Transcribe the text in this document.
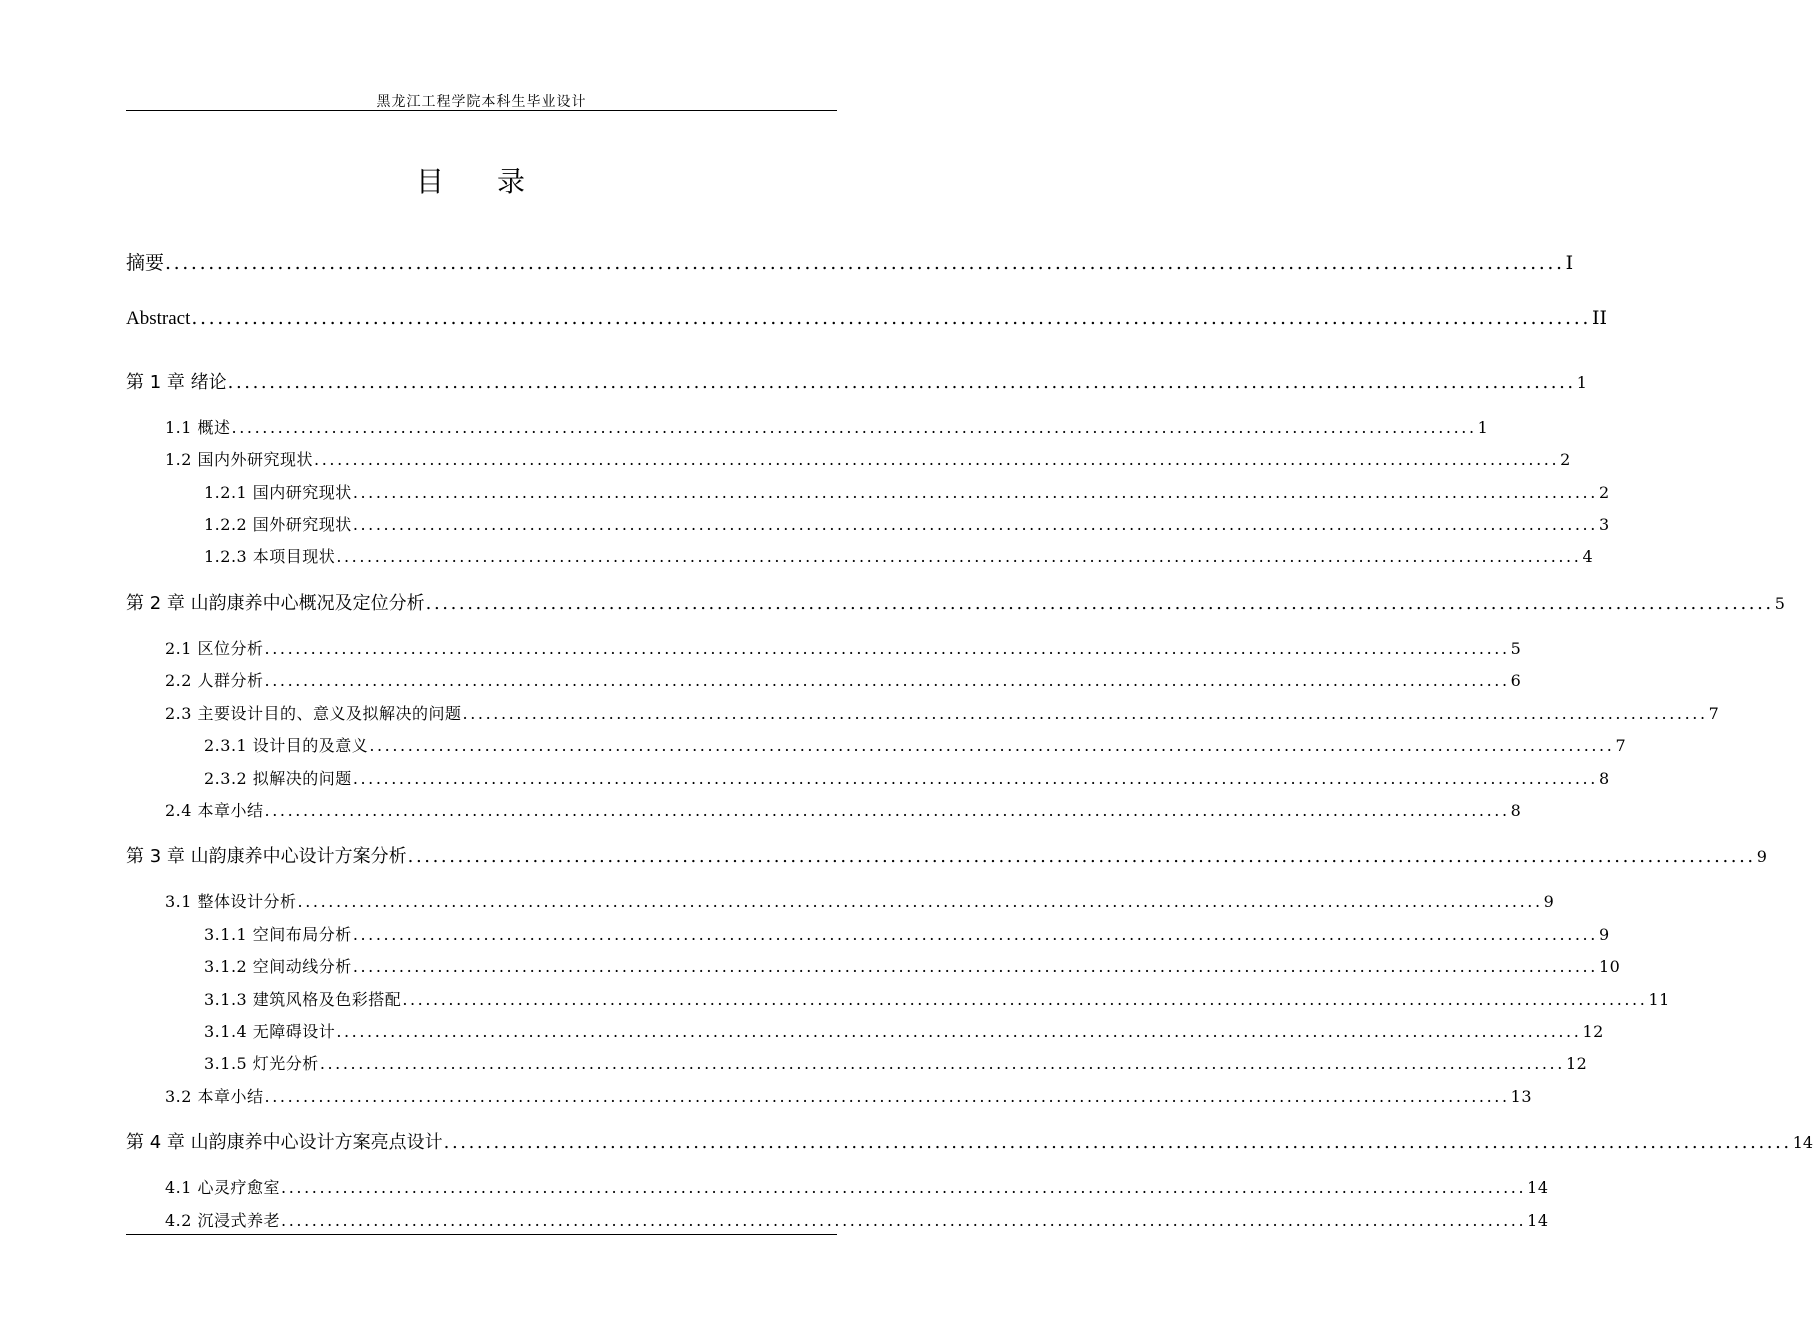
黑龙江工程学院本科生毕业设计
目 录
摘要 .................................................................................................................................................................. I
Abstract .................................................................................................................................................................. II
第 1 章 绪论 .................................................................................................................................................................. 1
1.1 概述 .................................................................................................................................................................. 1
1.2 国内外研究现状 .................................................................................................................................................................. 2
1.2.1 国内研究现状 .................................................................................................................................................................. 2
1.2.2 国外研究现状 .................................................................................................................................................................. 3
1.2.3 本项目现状 .................................................................................................................................................................. 4
第 2 章 山韵康养中心概况及定位分析 .................................................................................................................................................................. 5
2.1 区位分析 .................................................................................................................................................................. 5
2.2 人群分析 .................................................................................................................................................................. 6
2.3 主要设计目的、意义及拟解决的问题 .................................................................................................................................................................. 7
2.3.1 设计目的及意义 .................................................................................................................................................................. 7
2.3.2 拟解决的问题 .................................................................................................................................................................. 8
2.4 本章小结 .................................................................................................................................................................. 8
第 3 章 山韵康养中心设计方案分析 .................................................................................................................................................................. 9
3.1 整体设计分析 .................................................................................................................................................................. 9
3.1.1 空间布局分析 .................................................................................................................................................................. 9
3.1.2 空间动线分析 .................................................................................................................................................................. 10
3.1.3 建筑风格及色彩搭配 .................................................................................................................................................................. 11
3.1.4 无障碍设计 .................................................................................................................................................................. 12
3.1.5 灯光分析 .................................................................................................................................................................. 12
3.2 本章小结 .................................................................................................................................................................. 13
第 4 章 山韵康养中心设计方案亮点设计 .................................................................................................................................................................. 14
4.1 心灵疗愈室 .................................................................................................................................................................. 14
4.2 沉浸式养老 .................................................................................................................................................................. 14
